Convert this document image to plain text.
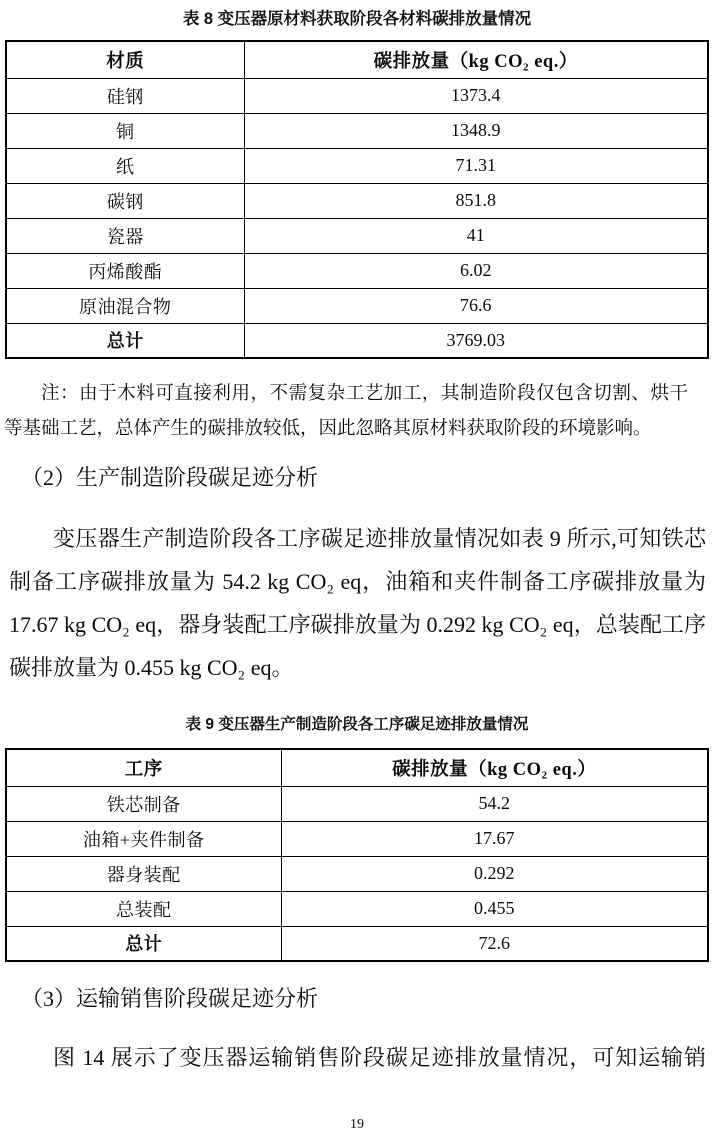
表 8 变压器原材料获取阶段各材料碳排放量情况
材质	碳排放量（kg CO₂ eq.）
硅钢	1373.4
铜	1348.9
纸	71.31
碳钢	851.8
瓷器	41
丙烯酸酯	6.02
原油混合物	76.6
总计	3769.03

注：由于木料可直接利用，不需复杂工艺加工，其制造阶段仅包含切割、烘干等基础工艺，总体产生的碳排放较低，因此忽略其原材料获取阶段的环境影响。

（2）生产制造阶段碳足迹分析

变压器生产制造阶段各工序碳足迹排放量情况如表 9 所示,可知铁芯制备工序碳排放量为 54.2 kg CO₂ eq，油箱和夹件制备工序碳排放量为 17.67 kg CO₂ eq，器身装配工序碳排放量为 0.292 kg CO₂ eq，总装配工序碳排放量为 0.455 kg CO₂ eq。

表 9 变压器生产制造阶段各工序碳足迹排放量情况
工序	碳排放量（kg CO₂ eq.）
铁芯制备	54.2
油箱+夹件制备	17.67
器身装配	0.292
总装配	0.455
总计	72.6
（3）运输销售阶段碳足迹分析

图 14 展示了变压器运输销售阶段碳足迹排放量情况，可知运输销

19
